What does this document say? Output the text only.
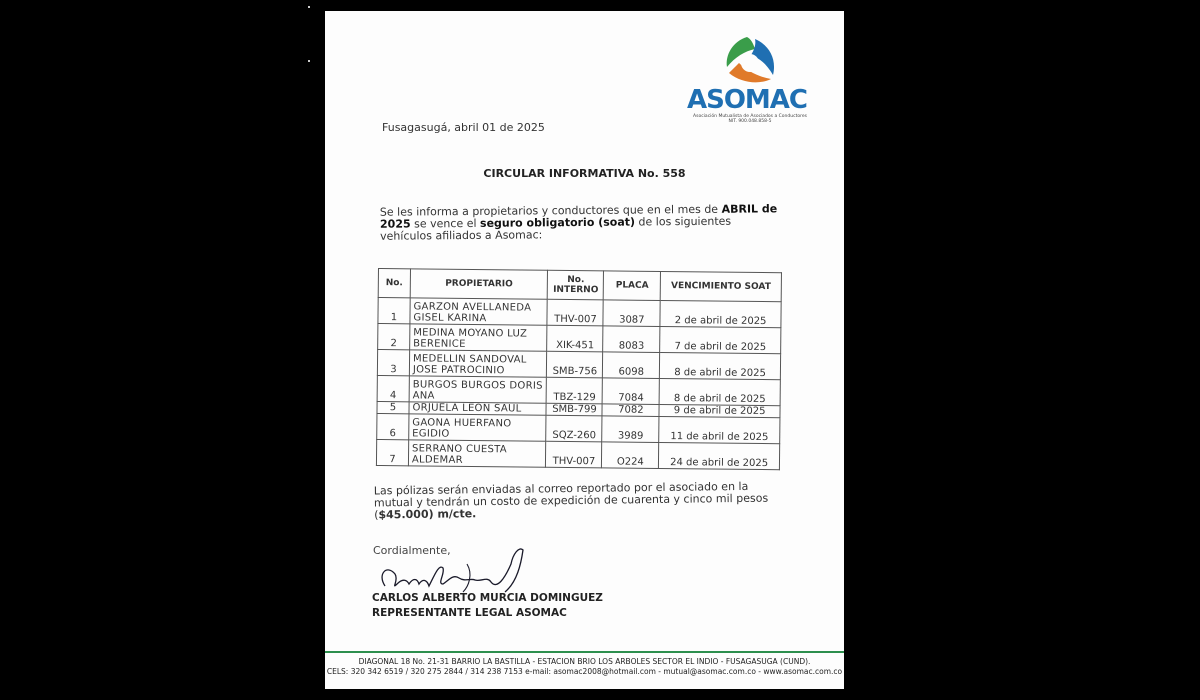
ASOMAC
Asociación Mutualista de Asociados a Conductores
NIT. 900.048.858-5
Fusagasugá, abril 01 de 2025
CIRCULAR INFORMATIVA No. 558
Se les informa a propietarios y conductores que en el mes de ABRIL de 2025 se vence el seguro obligatorio (soat) de los siguientes vehículos afiliados a Asomac:
No.	PROPIETARIO	No. INTERNO	PLACA	VENCIMIENTO SOAT
1	GARZON AVELLANEDA GISEL KARINA	THV-007	3087	2 de abril de 2025
2	MEDINA MOYANO LUZ BERENICE	XIK-451	8083	7 de abril de 2025
3	MEDELLIN SANDOVAL JOSE PATROCINIO	SMB-756	6098	8 de abril de 2025
4	BURGOS BURGOS DORIS ANA	TBZ-129	7084	8 de abril de 2025
5	ORJUELA LEON SAUL	SMB-799	7082	9 de abril de 2025
6	GAONA HUERFANO EGIDIO	SQZ-260	3989	11 de abril de 2025
7	SERRANO CUESTA ALDEMAR	THV-007	O224	24 de abril de 2025
Las pólizas serán enviadas al correo reportado por el asociado en la mutual y tendrán un costo de expedición de cuarenta y cinco mil pesos ($45.000) m/cte.
Cordialmente,
CARLOS ALBERTO MURCIA DOMINGUEZ
REPRESENTANTE LEGAL ASOMAC
DIAGONAL 18 No. 21-31 BARRIO LA BASTILLA - ESTACION BRIO LOS ARBOLES SECTOR EL INDIO - FUSAGASUGA (CUND).
CELS: 320 342 6519 / 320 275 2844 / 314 238 7153 e-mail: asomac2008@hotmail.com - mutual@asomac.com.co - www.asomac.com.co
